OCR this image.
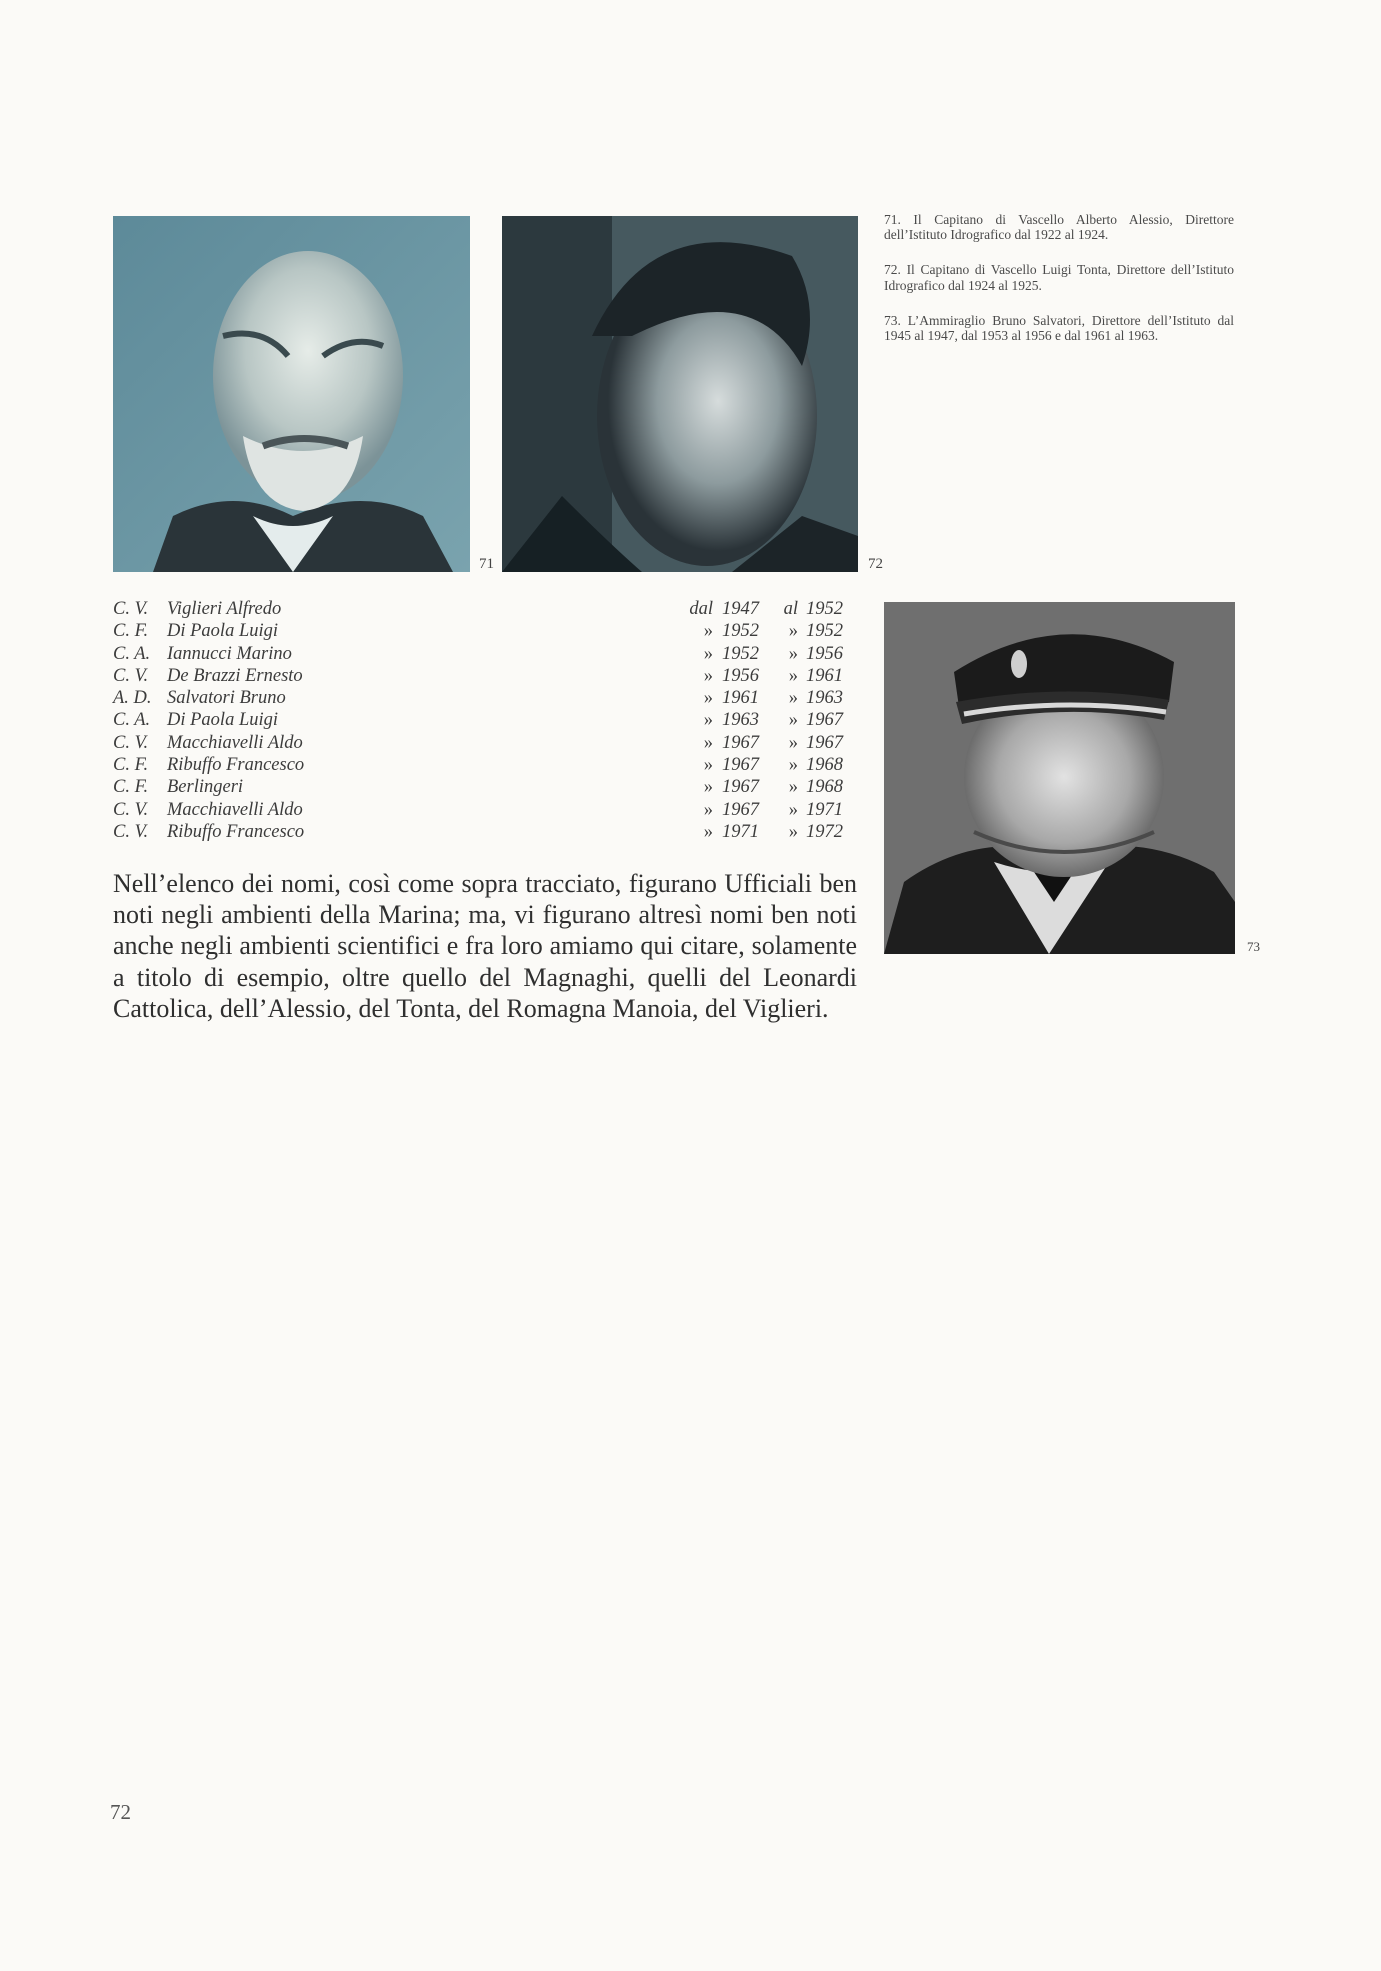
71	72

71. Il Capitano di Vascello Alberto Alessio, Direttore dell’Istituto Idrografico dal 1922 al 1924.

72. Il Capitano di Vascello Luigi Tonta, Direttore dell’Istituto Idrografico dal 1924 al 1925.

73. L’Ammiraglio Bruno Salvatori, Direttore dell’Istituto dal 1945 al 1947, dal 1953 al 1956 e dal 1961 al 1963.

73
C. V.	Viglieri Alfredo	dal 1947	al 1952
C. F.	Di Paola Luigi	» 1952	» 1952
C. A. Iannucci Marino	» 1952	» 1956
C. V.	De Brazzi Ernesto	» 1956	» 1961
A. D. Salvatori Bruno	» 1961	» 1963
C. A. Di Paola Luigi	» 1963	» 1967
C. V.	Macchiavelli Aldo	» 1967	» 1967
C. F.	Ribuffo Francesco	» 1967	» 1968
C. F.	Berlingeri	» 1967	» 1968
C. V.	Macchiavelli Aldo	» 1967	» 1971
C. V.	Ribuffo Francesco	» 1971	» 1972
Nell’elenco dei nomi, così come sopra tracciato, figurano Ufficiali ben noti negli ambienti della Marina; ma, vi figurano altresì nomi ben noti anche negli ambienti scientifici e fra loro amiamo qui citare, solamente a titolo di esempio, oltre quello del Magnaghi, quelli del Leonardi Cattolica, dell’Alessio, del Tonta, del Romagna Manoia, del Viglieri.
72
